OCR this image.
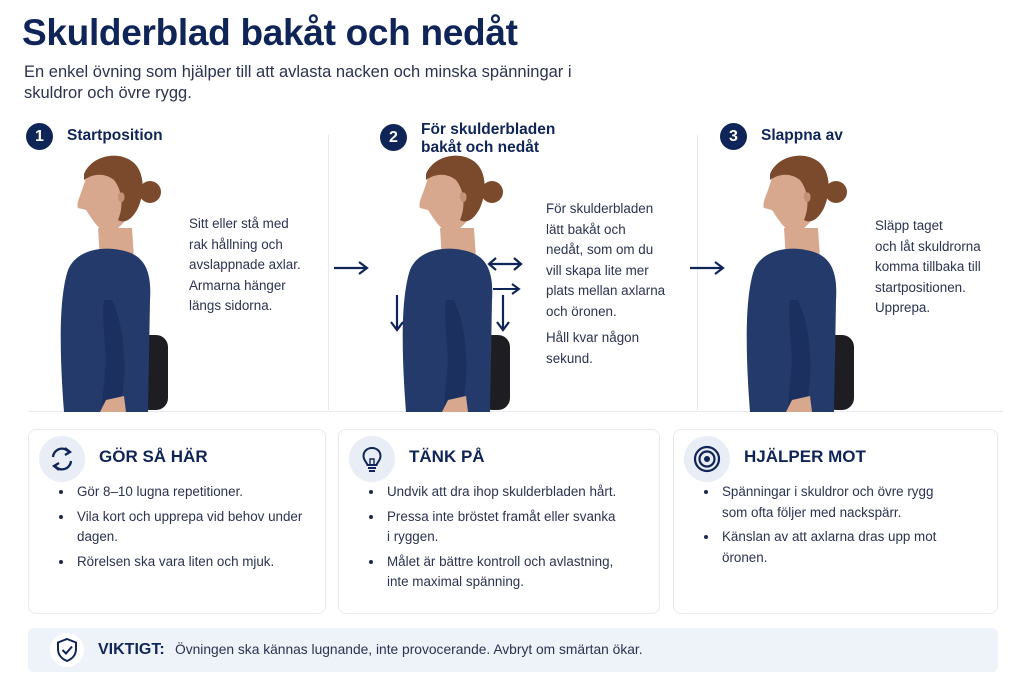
Skulderblad bakåt och nedåt
En enkel övning som hjälper till att avlasta nacken och minska spänningar i skuldror och övre rygg.
1	Startposition	2	För skulderbladen bakåt och nedåt
3	Slappna av
Sitt eller stå med
rak hållning och
avslappnade axlar.
Armarna hänger
längs sidorna.

För skulderbladen
lätt bakåt och
nedåt, som om du
vill skapa lite mer
plats mellan axlarna
och öronen.

Håll kvar någon
sekund.

Släpp taget
och låt skuldrorna
komma tillbaka till
startpositionen.
Upprepa.
GÖR SÅ HÄR
Gör 8–10 lugna repetitioner.
Vila kort och upprepa vid behov under dagen.
Rörelsen ska vara liten och mjuk.
TÄNK PÅ
Undvik att dra ihop skulderbladen hårt.
Pressa inte bröstet framåt eller svanka i ryggen.
Målet är bättre kontroll och avlastning, inte maximal spänning.
HJÄLPER MOT
Spänningar i skuldror och övre rygg som ofta följer med nackspärr.
Känslan av att axlarna dras upp mot öronen.
VIKTIGT: Övningen ska kännas lugnande, inte provocerande. Avbryt om smärtan ökar.
